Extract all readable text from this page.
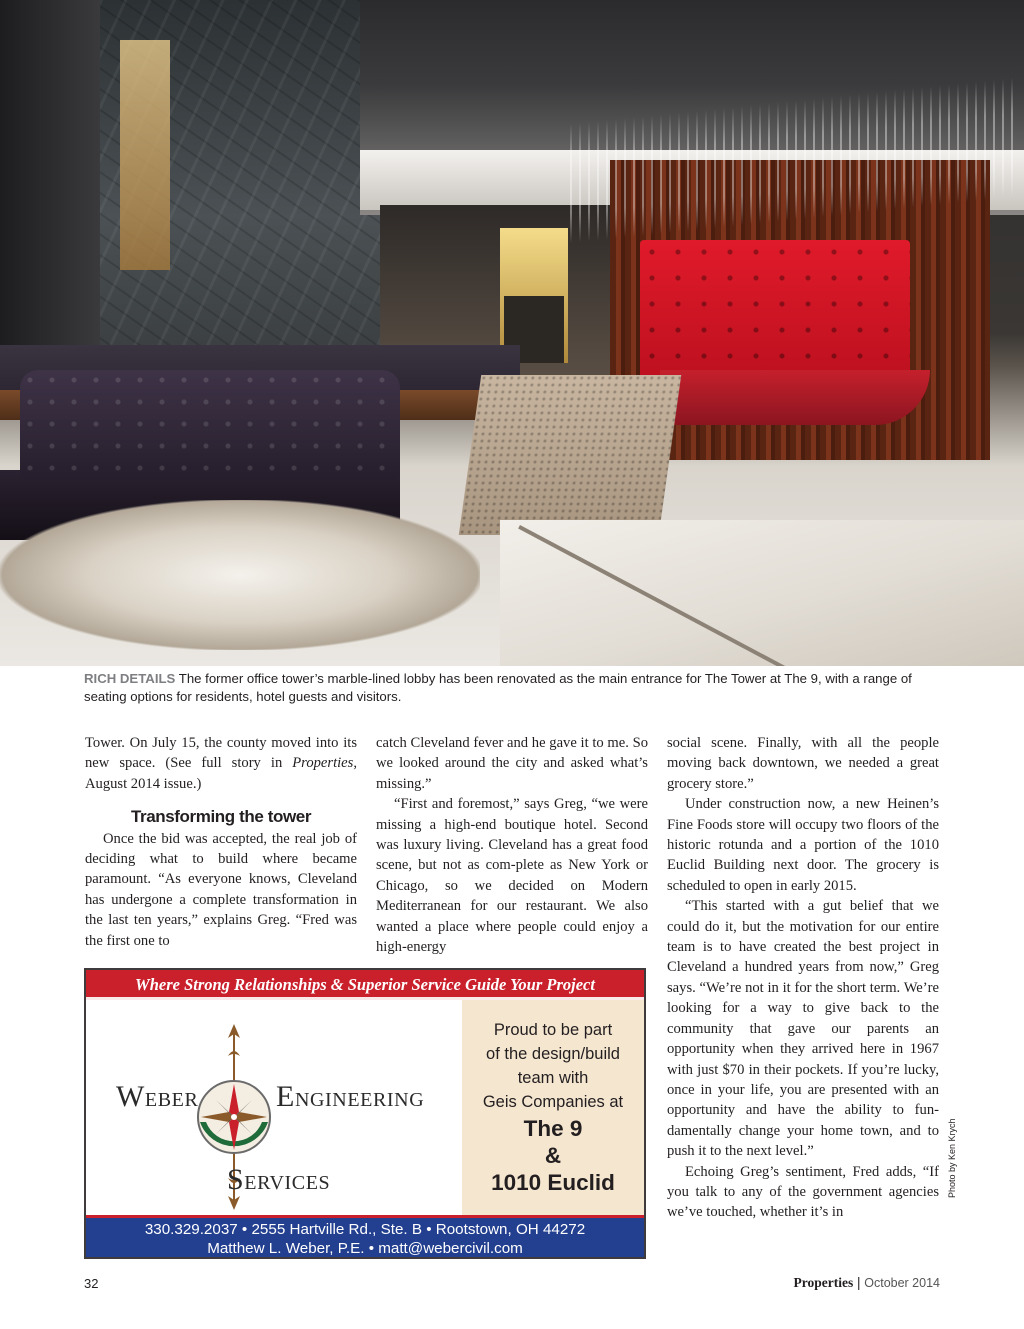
RICH DETAILS The former office tower’s marble-lined lobby has been renovated as the main entrance for The Tower at The 9, with a range of seating options for residents, hotel guests and visitors.

Tower. On July 15, the county moved into its new space. (See full story in Properties, August 2014 issue.)

Transforming the tower

Once the bid was accepted, the real job of deciding what to build where became paramount. “As everyone knows, Cleveland has undergone a complete transformation in the last ten years,” explains Greg. “Fred was the first one to

catch Cleveland fever and he gave it to me. So we looked around the city and asked what’s missing.”

“First and foremost,” says Greg, “we were missing a high-end boutique hotel. Second was luxury living. Cleveland has a great food scene, but not as com-plete as New York or Chicago, so we decided on Modern Mediterranean for our restaurant. We also wanted a place where people could enjoy a high-energy

social scene. Finally, with all the people moving back downtown, we needed a great grocery store.”

Under construction now, a new Heinen’s Fine Foods store will occupy two floors of the historic rotunda and a portion of the 1010 Euclid Building next door. The grocery is scheduled to open in early 2015.

“This started with a gut belief that we could do it, but the motivation for our entire team is to have created the best project in Cleveland a hundred years from now,” Greg says. “We’re not in it for the short term. We’re looking for a way to give back to the community that gave our parents an opportunity when they arrived here in 1967 with just $70 in their pockets. If you’re lucky, once in your life, you are presented with an opportunity and have the ability to fun-damentally change your home town, and to push it to the next level.”

Echoing Greg’s sentiment, Fred adds, “If you talk to any of the government agencies we’ve touched, whether it’s in

Where Strong Relationships & Superior Service Guide Your Project
WEBER	ENGINEERING
SERVICES
Proud to be part
of the design/build
team with
Geis Companies at
The 9
&
1010 Euclid
330.329.2037 • 2555 Hartville Rd., Ste. B • Rootstown, OH 44272
Matthew L. Weber, P.E. • matt@webercivil.com
Photo by Ken Krych
32	Properties | October 2014
